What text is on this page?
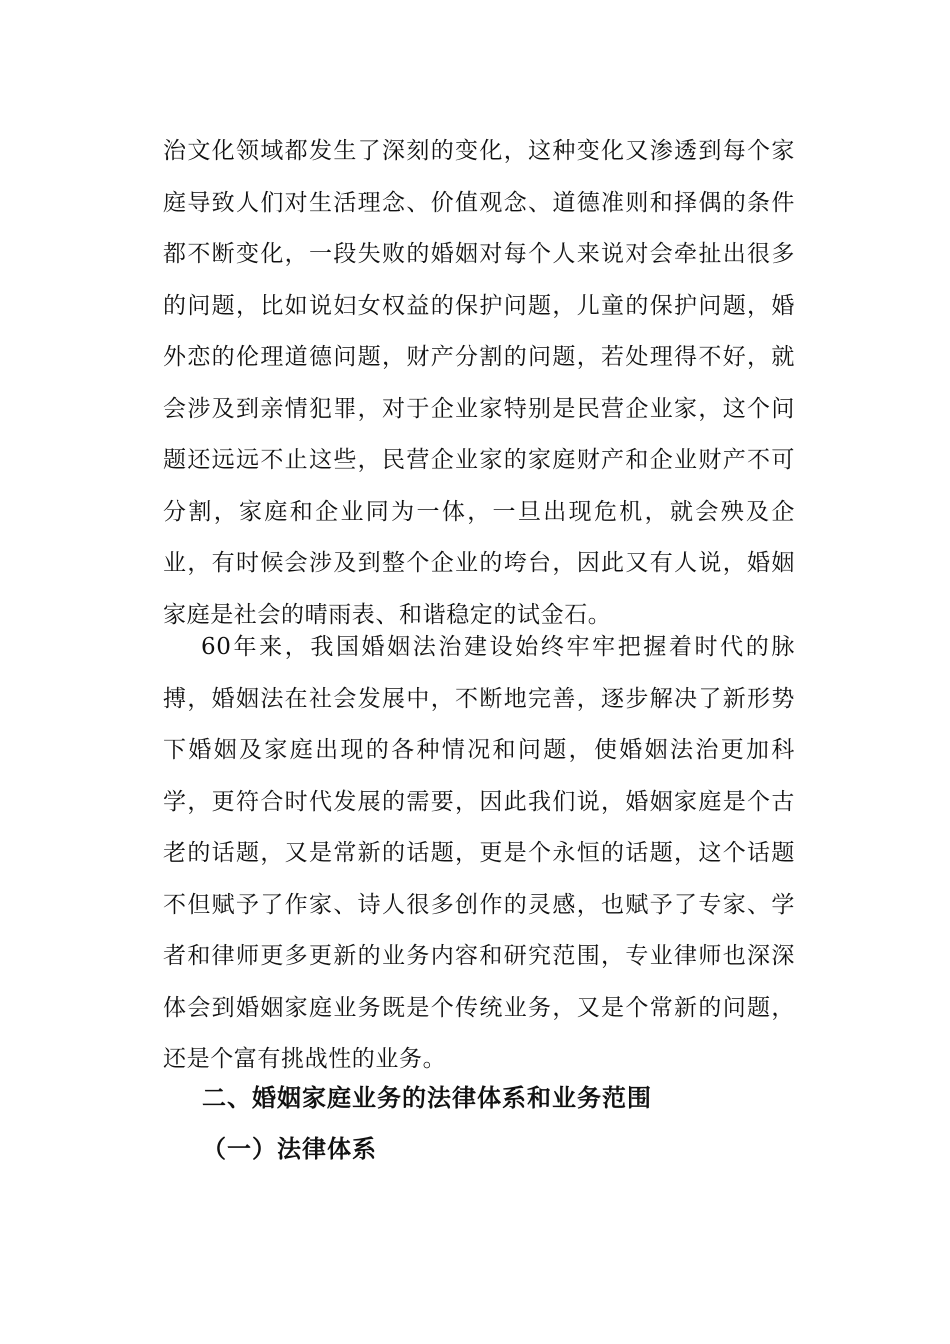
治文化领域都发生了深刻的变化，这种变化又渗透到每个家庭导致人们对生活理念、价值观念、道德准则和择偶的条件都不断变化，一段失败的婚姻对每个人来说对会牵扯出很多的问题，比如说妇女权益的保护问题，儿童的保护问题，婚外恋的伦理道德问题，财产分割的问题，若处理得不好，就会涉及到亲情犯罪，对于企业家特别是民营企业家，这个问题还远远不止这些，民营企业家的家庭财产和企业财产不可分割，家庭和企业同为一体，一旦出现危机，就会殃及企业，有时候会涉及到整个企业的垮台，因此又有人说，婚姻家庭是社会的晴雨表、和谐稳定的试金石。

60年来，我国婚姻法治建设始终牢牢把握着时代的脉搏，婚姻法在社会发展中，不断地完善，逐步解决了新形势下婚姻及家庭出现的各种情况和问题，使婚姻法治更加科学，更符合时代发展的需要，因此我们说，婚姻家庭是个古老的话题，又是常新的话题，更是个永恒的话题，这个话题不但赋予了作家、诗人很多创作的灵感，也赋予了专家、学者和律师更多更新的业务内容和研究范围，专业律师也深深体会到婚姻家庭业务既是个传统业务，又是个常新的问题，还是个富有挑战性的业务。

二、婚姻家庭业务的法律体系和业务范围
（一）法律体系
